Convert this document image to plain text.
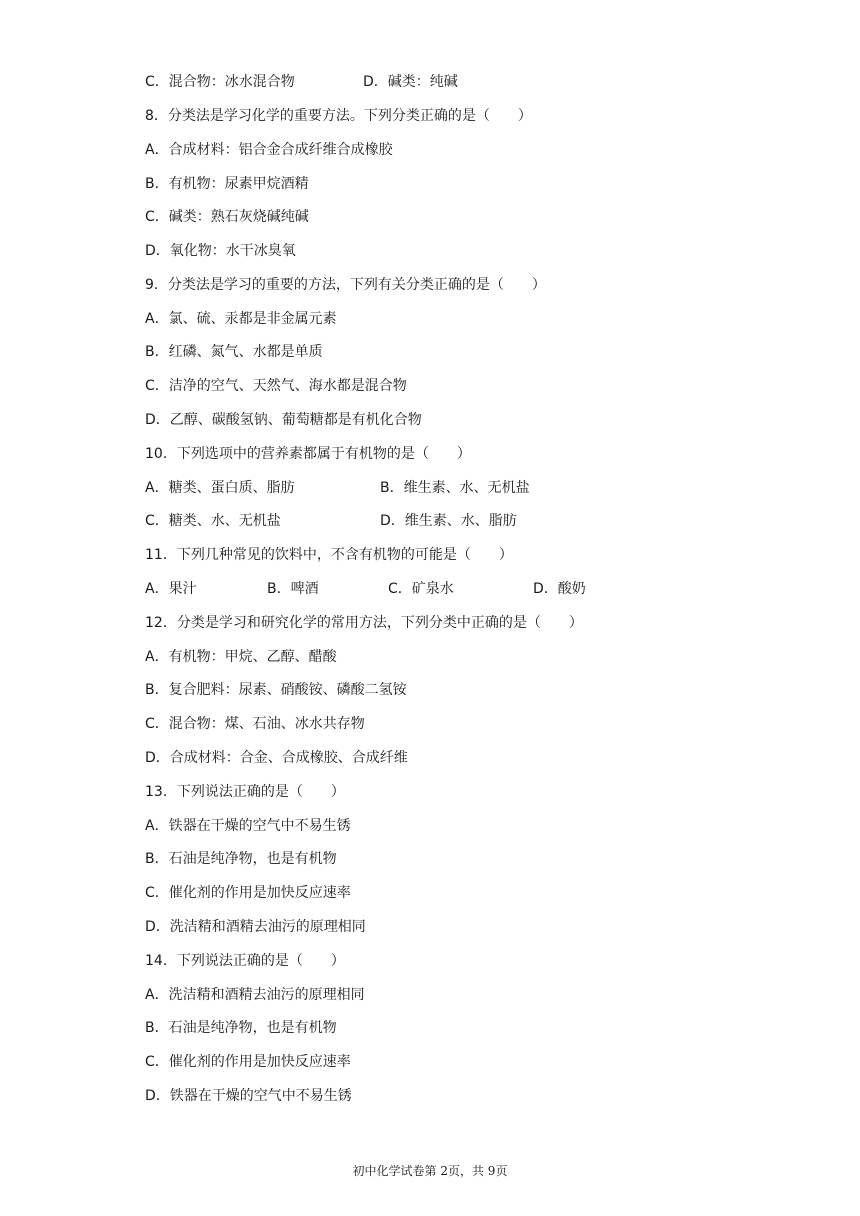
C．混合物：冰水混合物

	D．碱类：纯碱

8．分类法是学习化学的重要方法。下列分类正确的是（　　）
A．合成材料：铝合金合成纤维合成橡胶
B．有机物：尿素甲烷酒精
C．碱类：熟石灰烧碱纯碱
D．氧化物：水干冰臭氧
9．分类法是学习的重要的方法，下列有关分类正确的是（　　）
A．氯、硫、汞都是非金属元素
B．红磷、氮气、水都是单质
C．洁净的空气、天然气、海水都是混合物
D．乙醇、碳酸氢钠、葡萄糖都是有机化合物
10．下列选项中的营养素都属于有机物的是（　　）

A．糖类、蛋白质、脂肪

	B．维生素、水、无机盐

C．糖类、水、无机盐

	D．维生素、水、脂肪

11．下列几种常见的饮料中，不含有机物的可能是（　　）

A．果汁

	B．啤酒

	C．矿泉水

	D．酸奶

12．分类是学习和研究化学的常用方法，下列分类中正确的是（　　）
A．有机物：甲烷、乙醇、醋酸
B．复合肥料：尿素、硝酸铵、磷酸二氢铵
C．混合物：煤、石油、冰水共存物
D．合成材料：合金、合成橡胶、合成纤维
13．下列说法正确的是（　　）
A．铁器在干燥的空气中不易生锈
B．石油是纯净物，也是有机物
C．催化剂的作用是加快反应速率
D．洗洁精和酒精去油污的原理相同
14．下列说法正确的是（　　）
A．洗洁精和酒精去油污的原理相同
B．石油是纯净物，也是有机物
C．催化剂的作用是加快反应速率
D．铁器在干燥的空气中不易生锈
初中化学试卷第 2页，共 9页
